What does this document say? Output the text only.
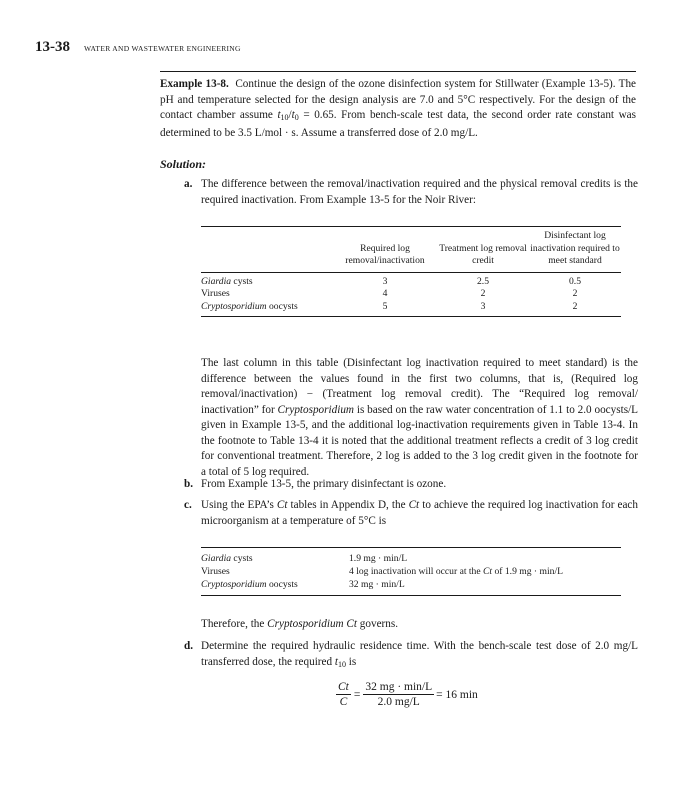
13-38 WATER AND WASTEWATER ENGINEERING
Example 13-8. Continue the design of the ozone disinfection system for Stillwater (Example 13-5). The pH and temperature selected for the design analysis are 7.0 and 5°C respectively. For the design of the contact chamber assume $t_{10}/t_0 = 0.65$. From bench-scale test data, the second order rate constant was determined to be 3.5 L/mol · s. Assume a transferred dose of 2.0 mg/L.
Solution:
a. The difference between the removal/inactivation required and the physical removal credits is the required inactivation. From Example 13-5 for the Noir River:
	Required log removal/inactivation	Treatment log removal credit	Disinfectant log inactivation required to meet standard
Giardia cysts	3	2.5	0.5
Viruses	4	2	2
Cryptosporidium oocysts	5	3	2
The last column in this table (Disinfectant log inactivation required to meet standard) is the difference between the values found in the first two columns, that is, (Required log removal/inactivation) − (Treatment log removal credit). The “Required log removal/ inactivation” for Cryptosporidium is based on the raw water concentration of 1.1 to 2.0 oocysts/L given in Example 13-5, and the additional log-inactivation requirements given in Table 13-4. In the footnote to Table 13-4 it is noted that the additional treatment reflects a credit of 3 log credit for conventional treatment. Therefore, 2 log is added to the 3 log credit given in the footnote for a total of 5 log required.
b. From Example 13-5, the primary disinfectant is ozone.
c. Using the EPA’s Ct tables in Appendix D, the Ct to achieve the required log inactivation for each microorganism at a temperature of 5°C is
Giardia cysts	1.9 mg · min/L
Viruses	4 log inactivation will occur at the Ct of 1.9 mg · min/L
Cryptosporidium oocysts	32 mg · min/L
Therefore, the Cryptosporidium Ct governs.
d. Determine the required hydraulic residence time. With the bench-scale test dose of 2.0 mg/L transferred dose, the required $t_{10}$ is
$\frac{Ct}{C} = \frac{32 mg \cdot \min/L}{2.0 mg/L} = 16$ min
